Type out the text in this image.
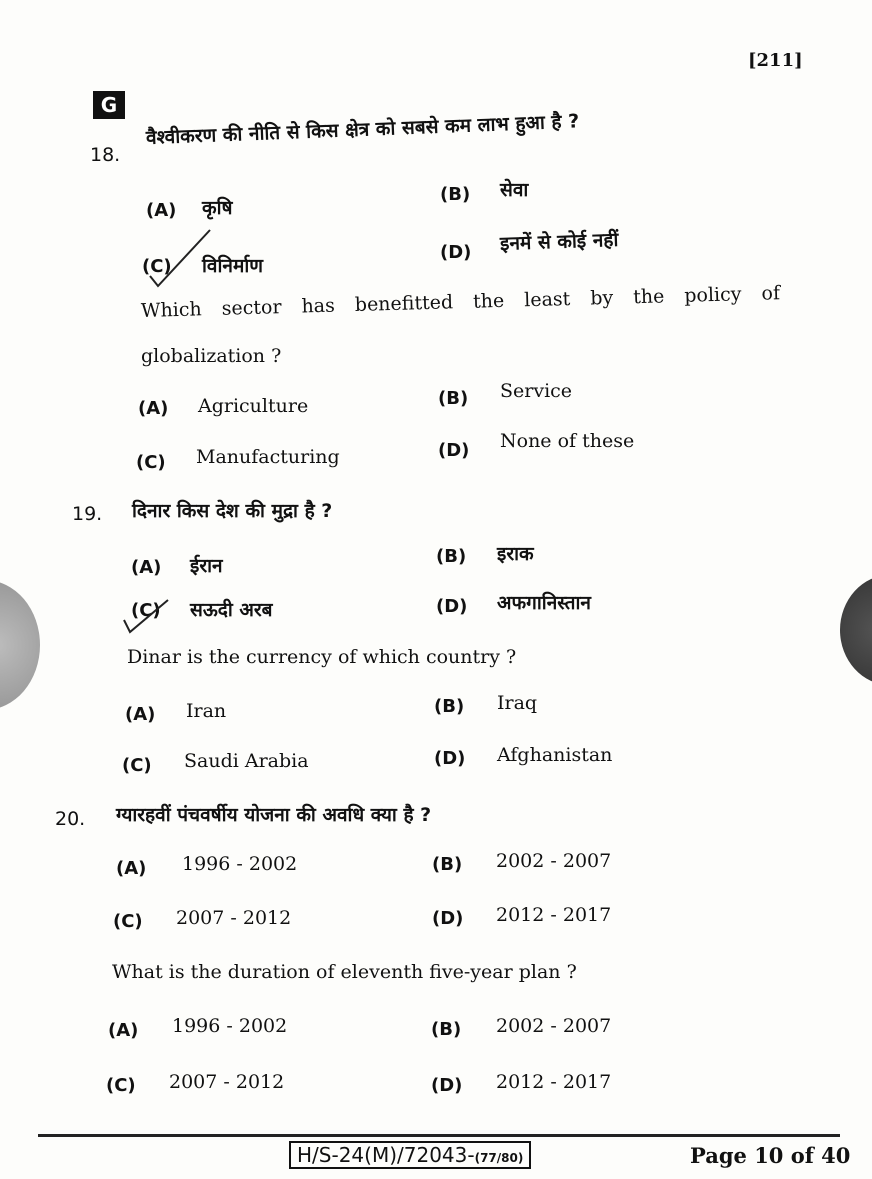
[211]
G
18.
वैश्वीकरण की नीति से किस क्षेत्र को सबसे कम लाभ हुआ है ?
(A) कृषि
(B) सेवा
(C) विनिर्माण
(D) इनमें से कोई नहीं
Which sector has benefitted the least by the policy of
globalization ?
(A) Agriculture	(B) Service
(C) Manufacturing	(D) None of these
19. दिनार किस देश की मुद्रा है ?
(A) ईरान	(B) इराक
(C) सऊदी अरब	(D) अफगानिस्तान
Dinar is the currency of which country ?
(A) Iran	(B) Iraq
(C) Saudi Arabia	(D) Afghanistan
20. ग्यारहवीं पंचवर्षीय योजना की अवधि क्या है ?
(A) 1996 - 2002	(B) 2002 - 2007
(C) 2007 - 2012	(D) 2012 - 2017
What is the duration of eleventh five-year plan ?
(A) 1996 - 2002	(B) 2002 - 2007
(C) 2007 - 2012	(D) 2012 - 2017
H/S-24(M)/72043-(77/80)	Page 10 of 40
